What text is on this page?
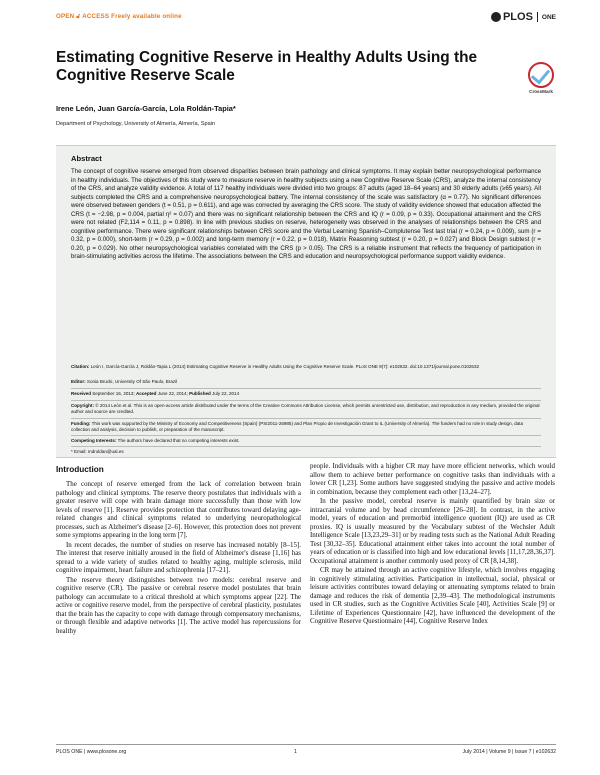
OPEN 🔓︎ ACCESS Freely available online	PLOS ONE
Estimating Cognitive Reserve in Healthy Adults Using the Cognitive Reserve Scale
CrossMark
Irene León, Juan García-García, Lola Roldán-Tapia*
Department of Psychology, University of Almería, Almería, Spain
Abstract
The concept of cognitive reserve emerged from observed disparities between brain pathology and clinical symptoms. It may explain better neuropsychological performance in healthy individuals. The objectives of this study were to measure reserve in healthy subjects using a new Cognitive Reserve Scale (CRS), analyze the internal consistency of the CRS, and analyze validity evidence. A total of 117 healthy individuals were divided into two groups: 87 adults (aged 18–64 years) and 30 elderly adults (≥65 years). All subjects completed the CRS and a comprehensive neuropsychological battery. The internal consistency of the scale was satisfactory (α = 0.77). No significant differences were observed between genders (t = 0.51, p = 0.611), and age was corrected by averaging the CRS score. The study of validity evidence showed that education affected the CRS (t = −2.98, p = 0.004, partial η² = 0.07) and there was no significant relationship between the CRS and IQ (r = 0.09, p = 0.33). Occupational attainment and the CRS were not related (F2,114 = 0.11, p = 0.898). In line with previous studies on reserve, heterogeneity was observed in the analyses of relationships between the CRS and cognitive performance. There were significant relationships between CRS score and the Verbal Learning Spanish–Complutense Test last trial (r = 0.24, p = 0.009), sum (r = 0.32, p = 0.000), short-term (r = 0.29, p = 0.002) and long-term memory (r = 0.22, p = 0.018), Matrix Reasoning subtest (r = 0.20, p = 0.027) and Block Design subtest (r = 0.20, p = 0.029). No other neuropsychological variables correlated with the CRS (p > 0.05). The CRS is a reliable instrument that reflects the frequency of participation in brain-stimulating activities across the lifetime. The associations between the CRS and education and neuropsychological performance support validity evidence.
Citation: León I, García-García J, Roldán-Tapia L (2014) Estimating Cognitive Reserve in Healthy Adults Using the Cognitive Reserve Scale. PLoS ONE 9(7): e102632. doi:10.1371/journal.pone.0102632
Editor: Sonia Brucki, University Of São Paulo, Brazil
Received September 16, 2013; Accepted June 22, 2014; Published July 22, 2014
Copyright: © 2014 León et al. This is an open-access article distributed under the terms of the Creative Commons Attribution License, which permits unrestricted use, distribution, and reproduction in any medium, provided the original author and source are credited.
Funding: This work was supported by the Ministry of Economy and Competitiveness (Spain) (PSI2011-26985) and Plan Propio de Investigación Grant to IL (University of Almería). The funders had no role in study design, data collection and analysis, decision to publish, or preparation of the manuscript.
Competing Interests: The authors have declared that no competing interests exist.
* Email: mdroldan@ual.es
Introduction

The concept of reserve emerged from the lack of correlation between brain pathology and clinical symptoms. The reserve theory postulates that individuals with a greater reserve will cope with brain damage more successfully than those with low levels of reserve [1]. Reserve provides protection that contributes toward delaying age-related changes and clinical symptoms related to underlying neuropathological processes, such as Alzheimer's disease [2–6]. However, this protection does not prevent some symptoms appearing in the long term [7].

In recent decades, the number of studies on reserve has increased notably [8–15]. The interest that reserve initially aroused in the field of Alzheimer's disease [1,16] has spread to a wide variety of studies related to healthy aging, multiple sclerosis, mild cognitive impairment, heart failure and schizophrenia [17–21].

The reserve theory distinguishes between two models: cerebral reserve and cognitive reserve (CR). The passive or cerebral reserve model postulates that brain pathology can accumulate to a critical threshold at which symptoms appear [22]. The active or cognitive reserve model, from the perspective of cerebral plasticity, postulates that the brain has the capacity to cope with damage through compensatory mechanisms, or through flexible and adaptive networks [1]. The active model has repercussions for healthy

people. Individuals with a higher CR may have more efficient networks, which would allow them to achieve better performance on cognitive tasks than individuals with a lower CR [1,23]. Some authors have suggested studying the passive and active models in combination, because they complement each other [13,24–27].

In the passive model, cerebral reserve is mainly quantified by brain size or intracranial volume and by head circumference [26–28]. In contrast, in the active model, years of education and premorbid intelligence quotient (IQ) are used as CR proxies. IQ is usually measured by the Vocabulary subtest of the Wechsler Adult Intelligence Scale [13,23,29–31] or by reading tests such as the National Adult Reading Test [30,32–35]. Educational attainment either takes into account the total number of years of education or is classified into high and low educational levels [11,17,28,36,37]. Occupational attainment is another commonly used proxy of CR [8,14,38].

CR may be attained through an active cognitive lifestyle, which involves engaging in cognitively stimulating activities. Participation in intellectual, social, physical or leisure activities contributes toward delaying or attenuating symptoms related to brain damage and reduces the risk of dementia [2,39–43]. The methodological instruments used in CR studies, such as the Cognitive Activities Scale [40], Activities Scale [9] or Lifetime of Experiences Questionnaire [42], have influenced the development of the Cognitive Reserve Questionnaire [44], Cognitive Reserve Index

PLOS ONE | www.plosone.org	1	July 2014 | Volume 9 | Issue 7 | e102632
